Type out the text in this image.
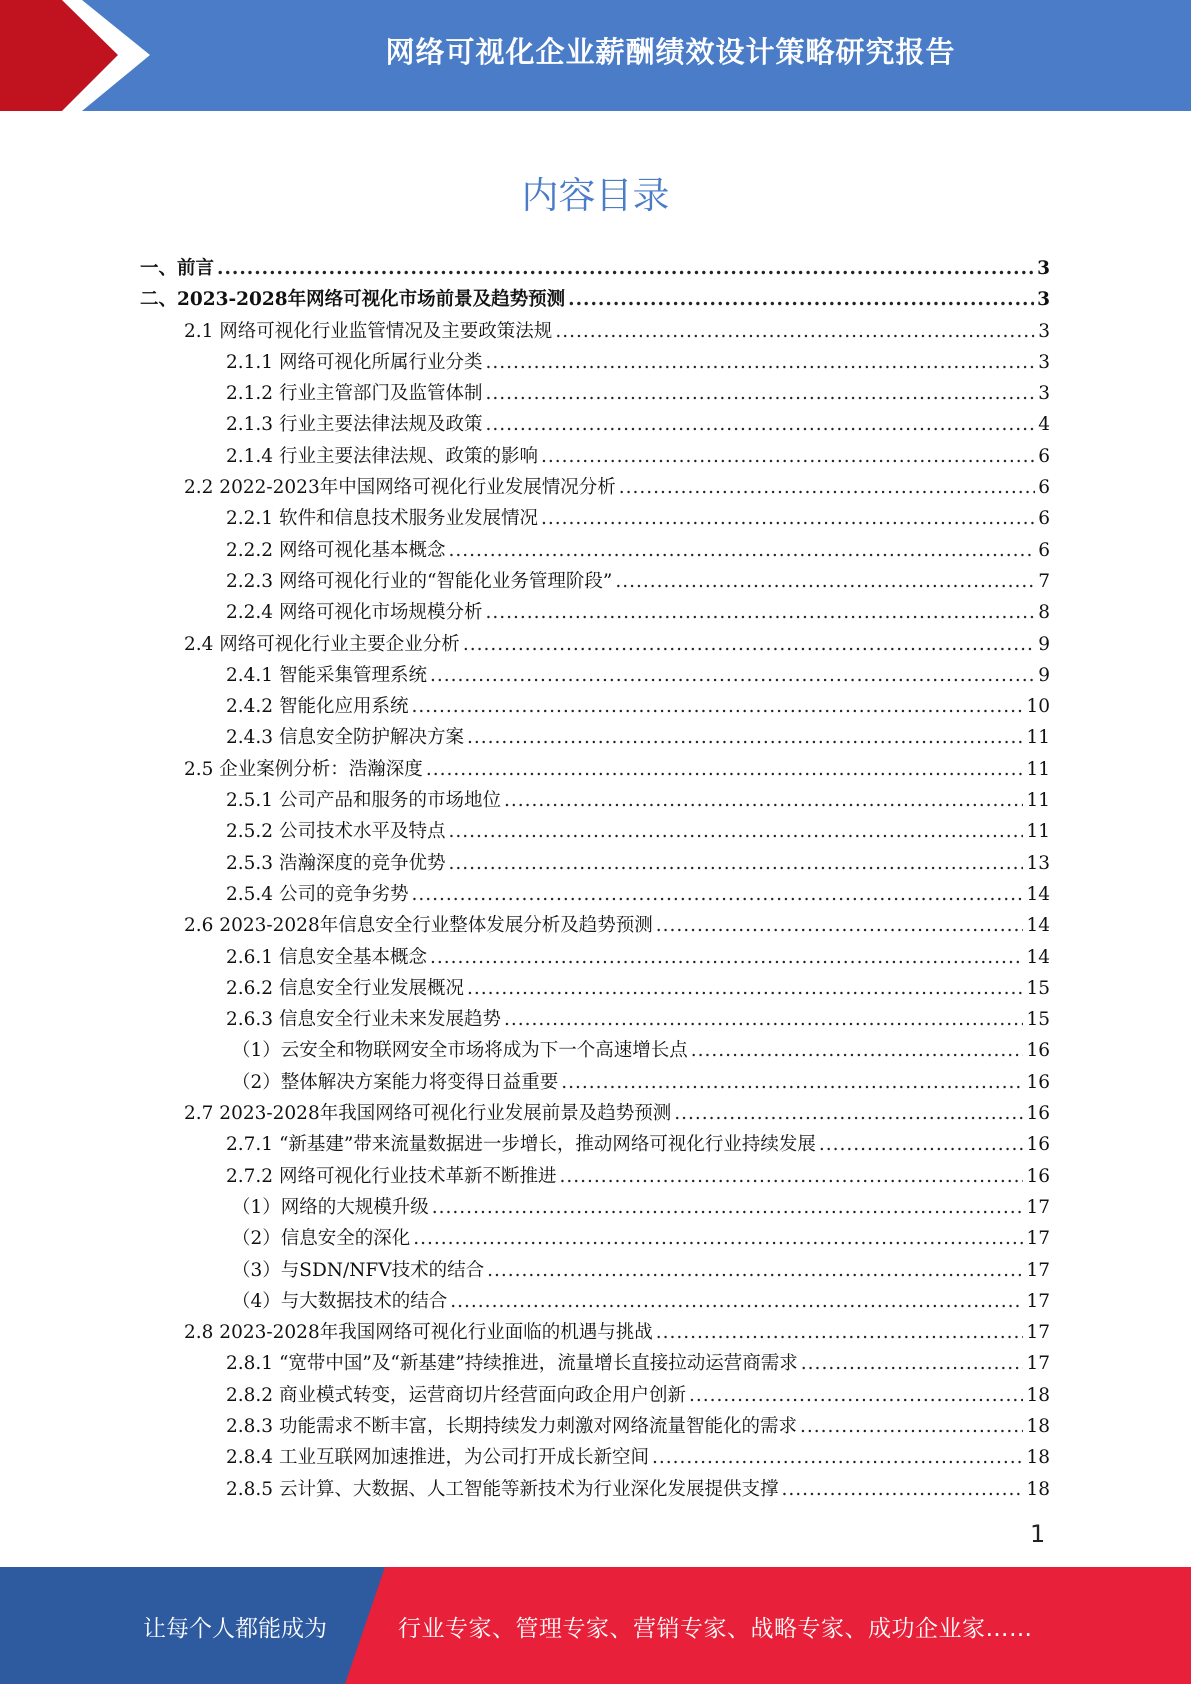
网络可视化企业薪酬绩效设计策略研究报告
内容目录
一、前言 .....	3
二、2023-2028年网络可视化市场前景及趋势预测 .....	3
2.1 网络可视化行业监管情况及主要政策法规 .....	3
2.1.1 网络可视化所属行业分类 .....	3
2.1.2 行业主管部门及监管体制 .....	3
2.1.3 行业主要法律法规及政策 .....	4
2.1.4 行业主要法律法规、政策的影响 .....	6
2.2 2022-2023年中国网络可视化行业发展情况分析 .....	6
2.2.1 软件和信息技术服务业发展情况 .....	6
2.2.2 网络可视化基本概念 .....	6
2.2.3 网络可视化行业的“智能化业务管理阶段” .....	7
2.2.4 网络可视化市场规模分析 .....	8
2.4 网络可视化行业主要企业分析 .....	9
2.4.1 智能采集管理系统 .....	9
2.4.2 智能化应用系统 .....	10
2.4.3 信息安全防护解决方案 .....	11
2.5 企业案例分析：浩瀚深度 .....	11
2.5.1 公司产品和服务的市场地位 .....	11
2.5.2 公司技术水平及特点 .....	11
2.5.3 浩瀚深度的竞争优势 .....	13
2.5.4 公司的竞争劣势 .....	14
2.6 2023-2028年信息安全行业整体发展分析及趋势预测 .....	14
2.6.1 信息安全基本概念 .....	14
2.6.2 信息安全行业发展概况 .....	15
2.6.3 信息安全行业未来发展趋势 .....	15
（1）云安全和物联网安全市场将成为下一个高速增长点 .....	16
（2）整体解决方案能力将变得日益重要 .....	16
2.7 2023-2028年我国网络可视化行业发展前景及趋势预测 .....	16
2.7.1 “新基建”带来流量数据进一步增长，推动网络可视化行业持续发展 .....	16
2.7.2 网络可视化行业技术革新不断推进 .....	16
（1）网络的大规模升级 .....	17
（2）信息安全的深化 .....	17
（3）与SDN/NFV技术的结合 .....	17
（4）与大数据技术的结合 .....	17
2.8 2023-2028年我国网络可视化行业面临的机遇与挑战 .....	17
2.8.1 “宽带中国”及“新基建”持续推进，流量增长直接拉动运营商需求 .....	17
2.8.2 商业模式转变，运营商切片经营面向政企用户创新 .....	18
2.8.3 功能需求不断丰富，长期持续发力刺激对网络流量智能化的需求 .....	18
2.8.4 工业互联网加速推进，为公司打开成长新空间 .....	18
2.8.5 云计算、大数据、人工智能等新技术为行业深化发展提供支撑 .....	18
1
让每个人都能成为	行业专家、管理专家、营销专家、战略专家、成功企业家……
